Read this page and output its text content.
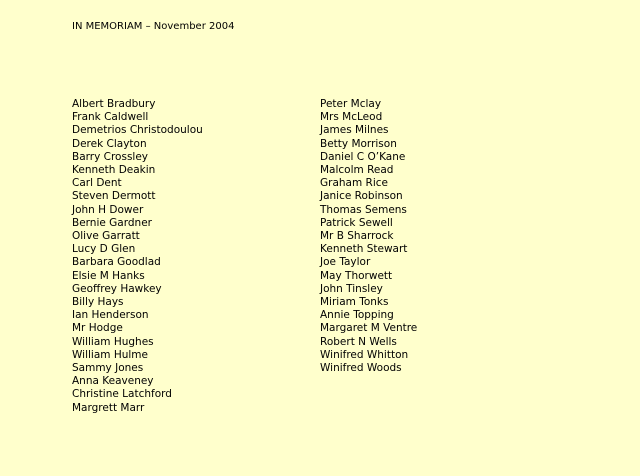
IN MEMORIAM – November 2004
Albert Bradbury
Frank Caldwell
Demetrios Christodoulou
Derek Clayton
Barry Crossley
Kenneth Deakin
Carl Dent
Steven Dermott
John H Dower
Bernie Gardner
Olive Garratt
Lucy D Glen
Barbara Goodlad
Elsie M Hanks
Geoffrey Hawkey
Billy Hays
Ian Henderson
Mr Hodge
William Hughes
William Hulme
Sammy Jones
Anna Keaveney
Christine Latchford
Margrett Marr
Peter Mclay
Mrs McLeod
James Milnes
Betty Morrison
Daniel C O’Kane
Malcolm Read
Graham Rice
Janice Robinson
Thomas Semens
Patrick Sewell
Mr B Sharrock
Kenneth Stewart
Joe Taylor
May Thorwett
John Tinsley
Miriam Tonks
Annie Topping
Margaret M Ventre
Robert N Wells
Winifred Whitton
Winifred Woods
